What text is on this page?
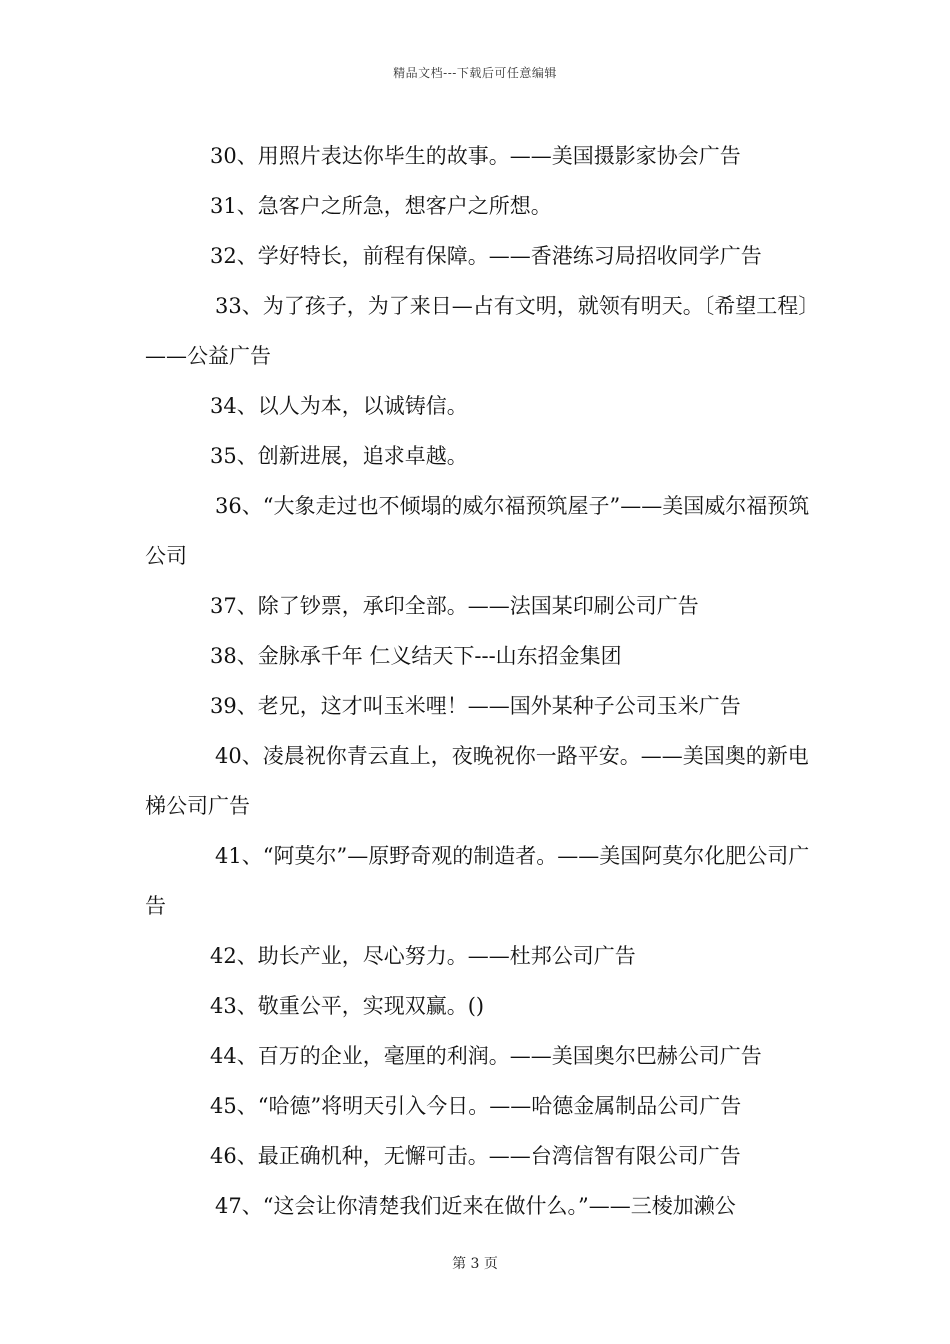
精品文档---下载后可任意编辑

30、用照片表达你毕生的故事。——美国摄影家协会广告

31、急客户之所急，想客户之所想。

32、学好特长，前程有保障。——香港练习局招收同学广告

33、为了孩子，为了来日—占有文明，就领有明天。〔希望工程〕——公益广告

34、以人为本，以诚铸信。

35、创新进展，追求卓越。

36、“大象走过也不倾塌的威尔福预筑屋子”——美国威尔福预筑公司

37、除了钞票，承印全部。——法国某印刷公司广告

38、金脉承千年 仁义结天下---山东招金集团

39、老兄，这才叫玉米哩！——国外某种子公司玉米广告

40、凌晨祝你青云直上，夜晚祝你一路平安。——美国奥的新电梯公司广告

41、“阿莫尔”—原野奇观的制造者。——美国阿莫尔化肥公司广告

42、助长产业，尽心努力。——杜邦公司广告

43、敬重公平，实现双赢。()

44、百万的企业，毫厘的利润。——美国奥尔巴赫公司广告

45、“哈德”将明天引入今日。——哈德金属制品公司广告

46、最正确机种，无懈可击。——台湾信智有限公司广告

47、“这会让你清楚我们近来在做什么。”——三棱加濑公

第 3 页
